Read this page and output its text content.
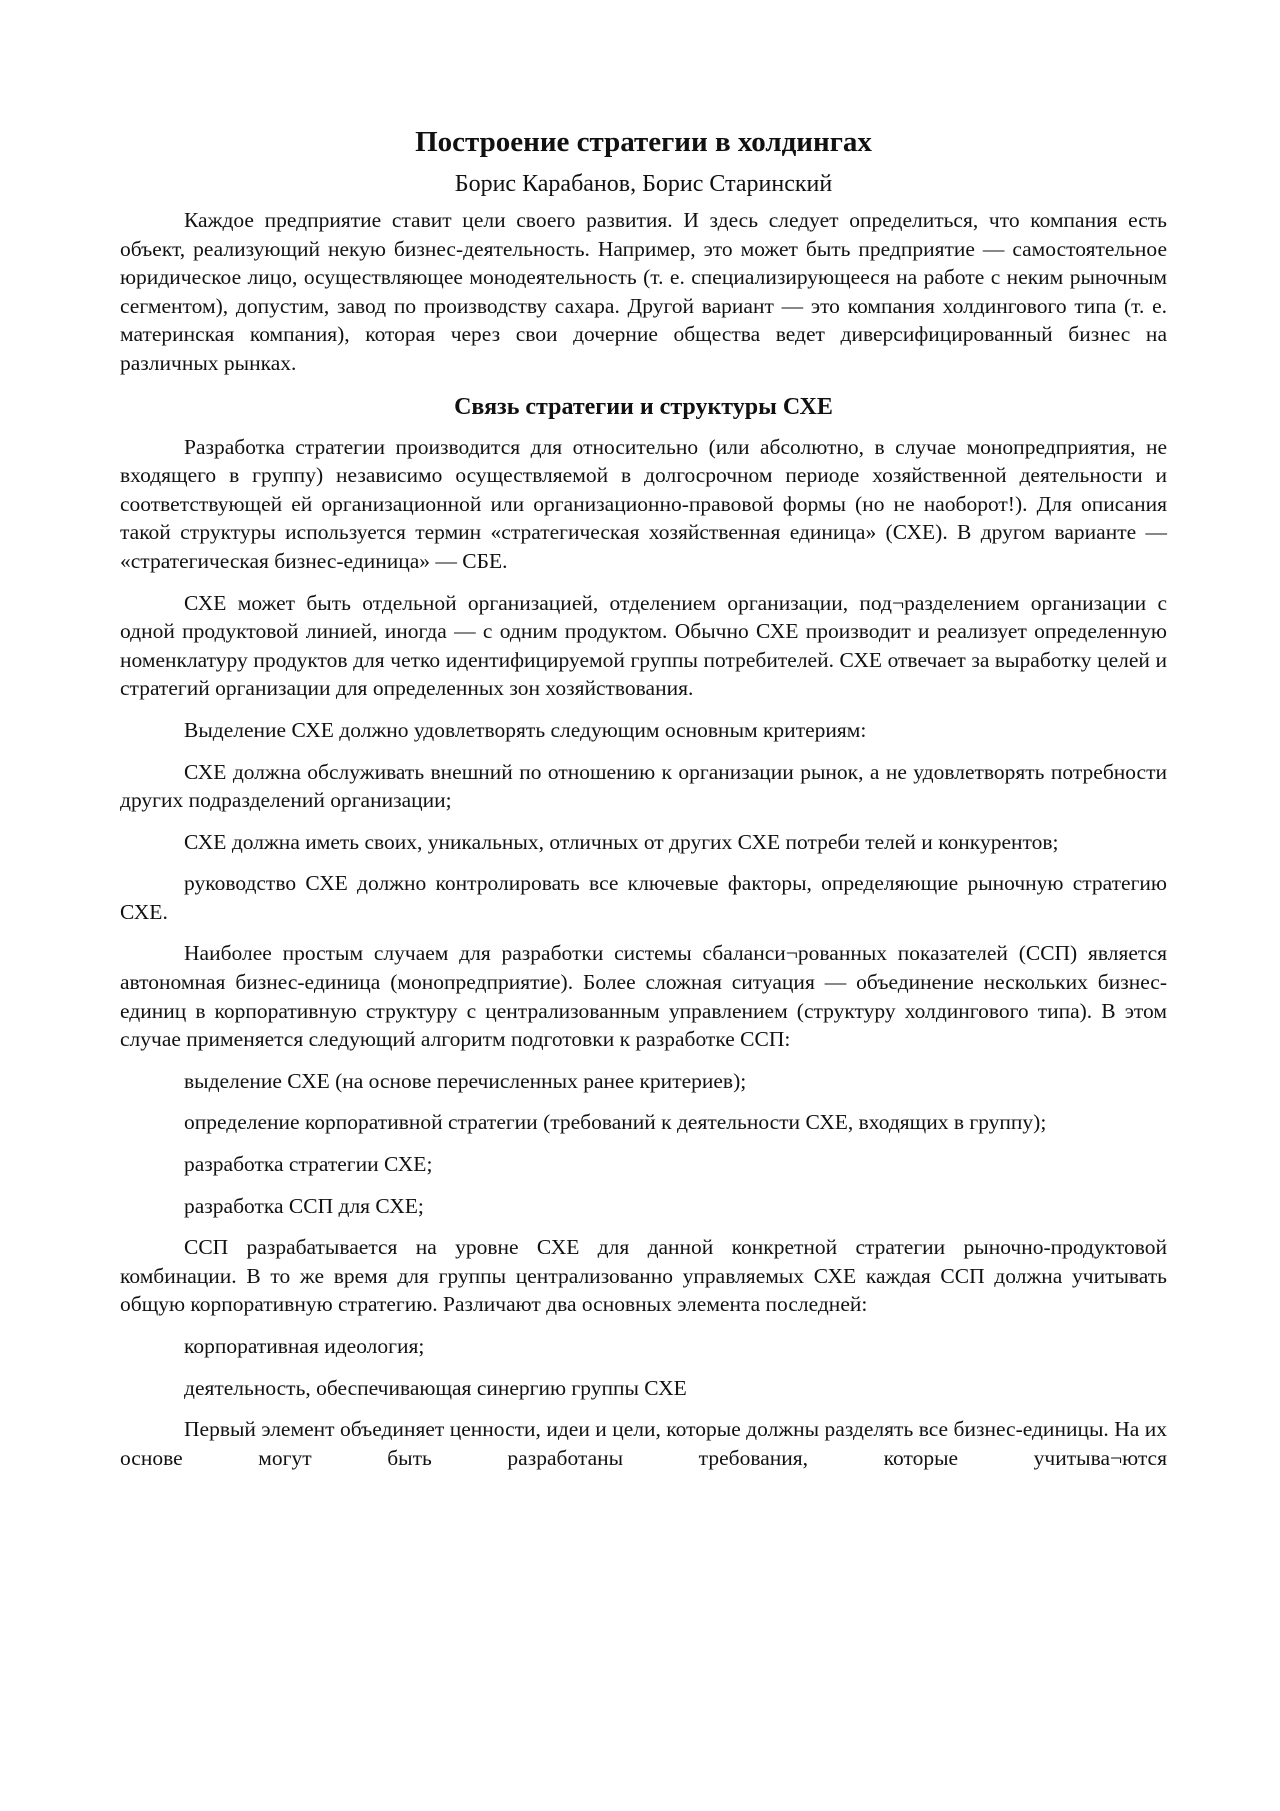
Построение стратегии в холдингах
Борис Карабанов, Борис Старинский

Каждое предприятие ставит цели своего развития. И здесь следует определиться, что компания есть объект, реализующий некую бизнес-деятельность. Например, это может быть предприятие — самостоятельное юридическое лицо, осуществляющее монодеятельность (т. е. специализирующееся на работе с неким рыночным сегментом), допустим, завод по производству сахара. Другой вариант — это компания холдингового типа (т. е. материнская компания), которая через свои дочерние общества ведет диверсифицированный бизнес на различных рынках.

Связь стратегии и структуры СХЕ

Разработка стратегии производится для относительно (или абсолютно, в случае монопредприятия, не входящего в группу) независимо осуществляемой в долгосрочном периоде хозяйственной деятельности и соответствующей ей организационной или организационно-правовой формы (но не наоборот!). Для описания такой структуры используется термин «стратегическая хозяйственная единица» (СХЕ). В другом варианте — «стратегическая бизнес-единица» — СБЕ.

СХЕ может быть отдельной организацией, отделением организации, под¬разделением организации с одной продуктовой линией, иногда — с одним продуктом. Обычно СХЕ производит и реализует определенную номенклатуру продуктов для четко идентифицируемой группы потребителей. СХЕ отвечает за выработку целей и стратегий организации для определенных зон хозяйствования.

Выделение СХЕ должно удовлетворять следующим основным критериям:

СХЕ должна обслуживать внешний по отношению к организации рынок, а не удовлетворять потребности других подразделений организации;

СХЕ должна иметь своих, уникальных, отличных от других СХЕ потреби телей и конкурентов;

руководство СХЕ должно контролировать все ключевые факторы, определяющие рыночную стратегию СХЕ.

Наиболее простым случаем для разработки системы сбаланси¬рованных показателей (ССП) является автономная бизнес-единица (монопредприятие). Более сложная ситуация — объединение нескольких бизнес-единиц в корпоративную структуру с централизованным управлением (структуру холдингового типа). В этом случае применяется следующий алгоритм подготовки к разработке ССП:

выделение СХЕ (на основе перечисленных ранее критериев);

определение корпоративной стратегии (требований к деятельности СХЕ, входящих в группу);

разработка стратегии СХЕ;

разработка ССП для СХЕ;

ССП разрабатывается на уровне СХЕ для данной конкретной стратегии рыночно-продуктовой комбинации. В то же время для группы централизованно управляемых СХЕ каждая ССП должна учитывать общую корпоративную стратегию. Различают два основных элемента последней:

корпоративная идеология;

деятельность, обеспечивающая синергию группы СХЕ

Первый элемент объединяет ценности, идеи и цели, которые должны разделять все бизнес-единицы. На их основе могут быть разработаны требования, которые учитыва¬ются
